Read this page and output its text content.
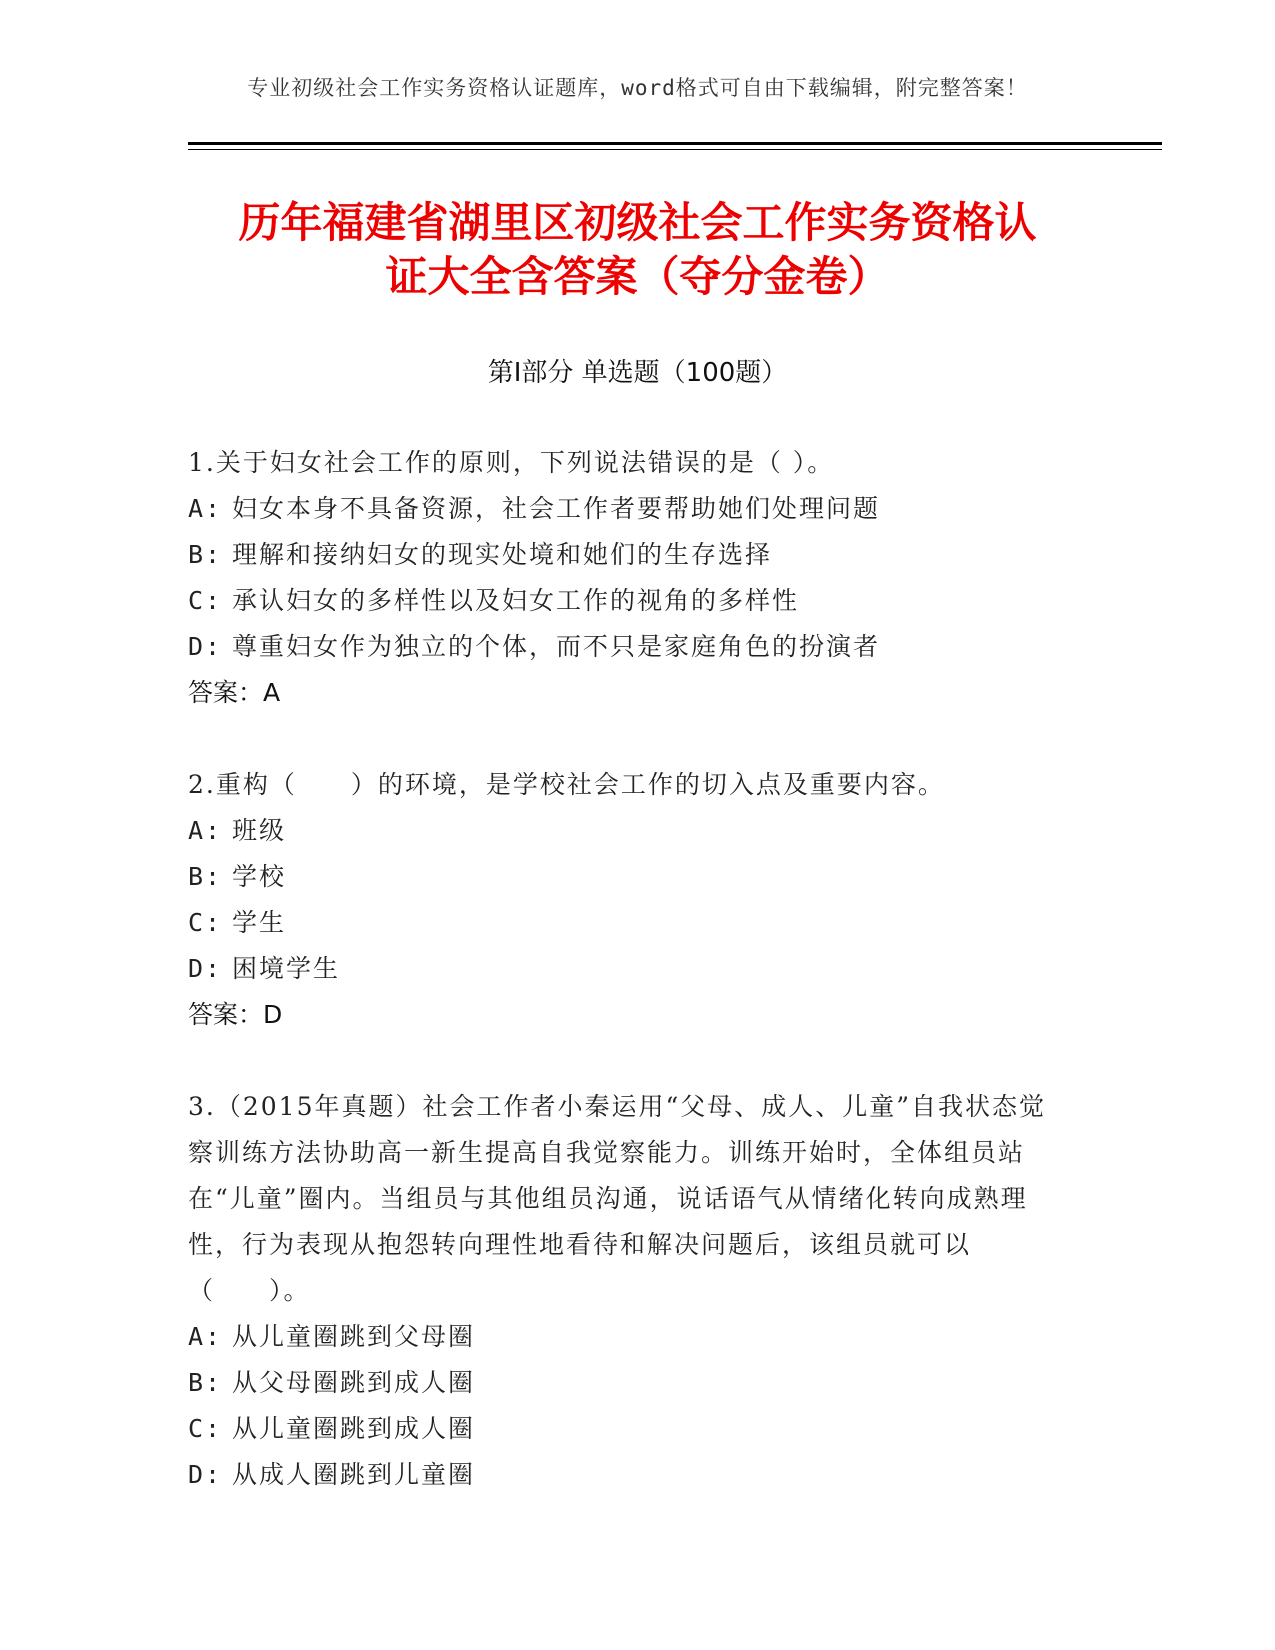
专业初级社会工作实务资格认证题库，word格式可自由下载编辑，附完整答案！
历年福建省湖里区初级社会工作实务资格认
证大全含答案（夺分金卷）
第Ⅰ部分 单选题（100题）
1.关于妇女社会工作的原则，下列说法错误的是（ ）。
A: 妇女本身不具备资源，社会工作者要帮助她们处理问题
B: 理解和接纳妇女的现实处境和她们的生存选择
C: 承认妇女的多样性以及妇女工作的视角的多样性
D: 尊重妇女作为独立的个体，而不只是家庭角色的扮演者
答案：A
2.重构（　　）的环境，是学校社会工作的切入点及重要内容。
A: 班级
B: 学校
C: 学生
D: 困境学生
答案：D
3.（2015年真题）社会工作者小秦运用“父母、成人、儿童”自我状态觉察训练方法协助高一新生提高自我觉察能力。训练开始时，全体组员站在“儿童”圈内。当组员与其他组员沟通，说话语气从情绪化转向成熟理性，行为表现从抱怨转向理性地看待和解决问题后，该组员就可以（　　）。
A: 从儿童圈跳到父母圈
B: 从父母圈跳到成人圈
C: 从儿童圈跳到成人圈
D: 从成人圈跳到儿童圈
